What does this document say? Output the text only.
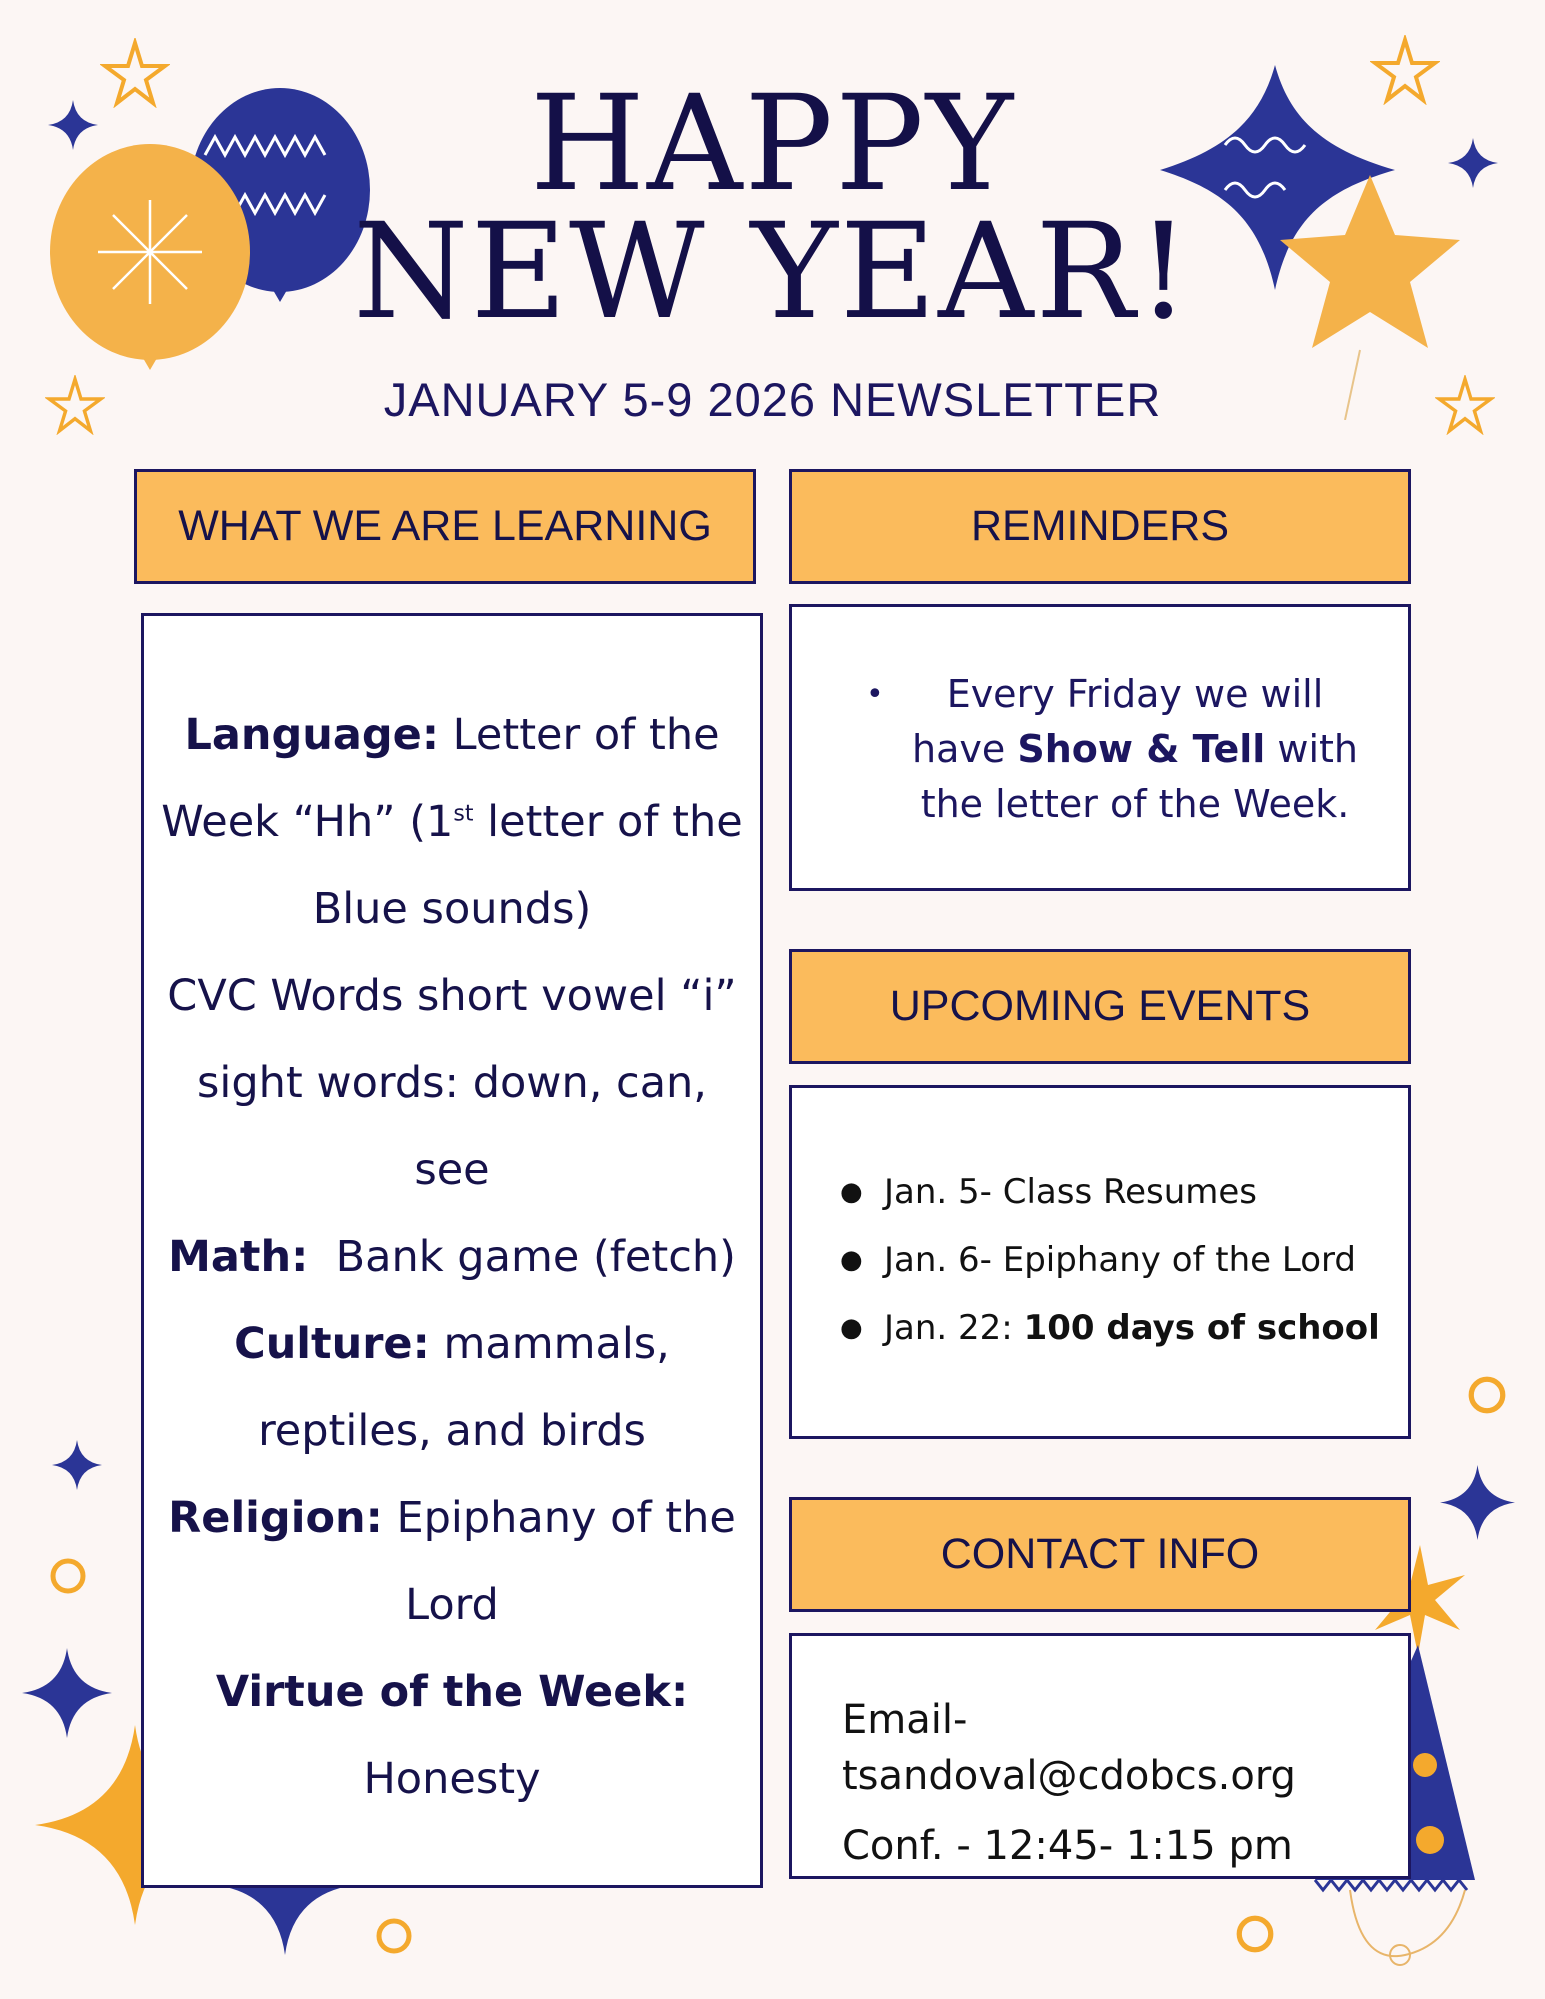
HAPPY
NEW YEAR!
JANUARY 5-9 2026 NEWSLETTER
WHAT WE ARE LEARNING

Language: Letter of the Week “Hh” (1st letter of the Blue sounds)

CVC Words short vowel “i” sight words: down, can, see

Math:  Bank game (fetch)

Culture: mammals, reptiles, and birds

Religion: Epiphany of the Lord

Virtue of the Week:

Honesty

REMINDERS
•	Every Friday we will have Show & Tell with the letter of the Week.
UPCOMING EVENTS
● Jan. 5- Class Resumes
● Jan. 6- Epiphany of the Lord
● Jan. 22: 100 days of school
CONTACT INFO
Email-
tsandoval@cdobcs.org
Conf. - 12:45- 1:15 pm
